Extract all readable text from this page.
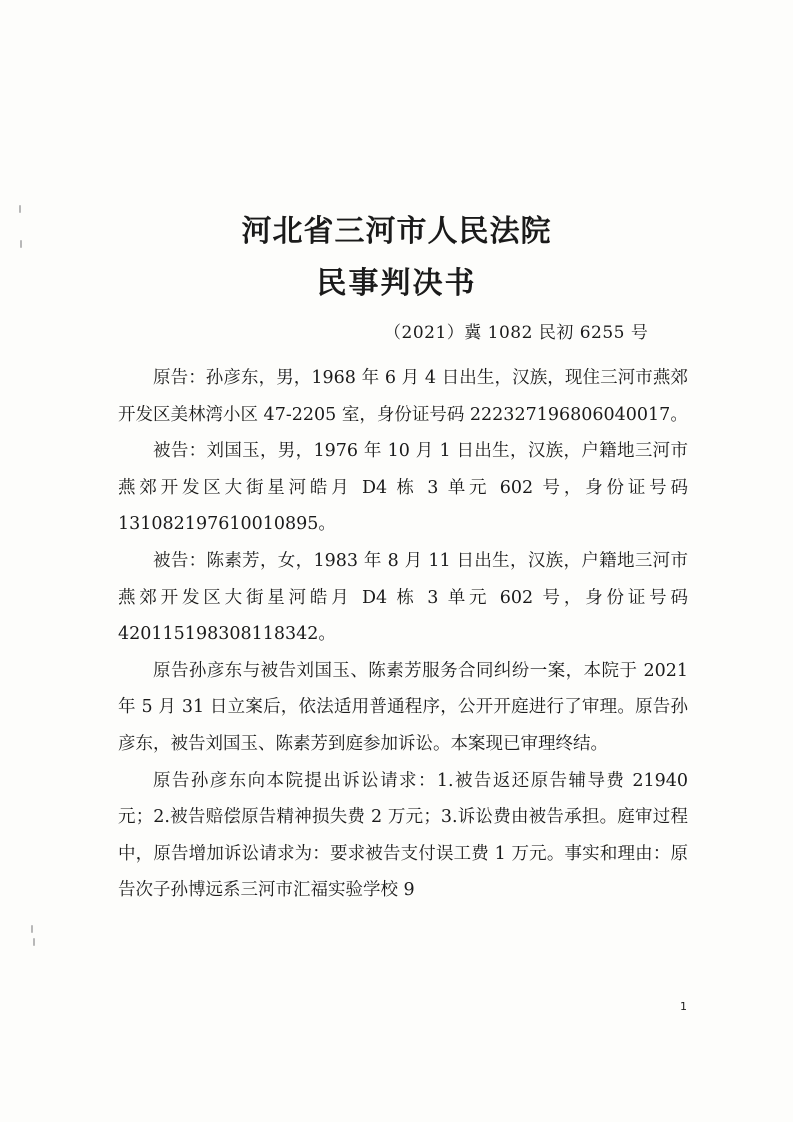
河北省三河市人民法院
民事判决书
（2021）冀 1082 民初 6255 号

原告：孙彦东，男，1968 年 6 月 4 日出生，汉族，现住三河市燕郊开发区美林湾小区 47-2205 室，身份证号码 222327196806040017。

被告：刘国玉，男，1976 年 10 月 1 日出生，汉族，户籍地三河市燕郊开发区大街星河皓月 D4 栋 3 单元 602 号，身份证号码 131082197610010895。

被告：陈素芳，女，1983 年 8 月 11 日出生，汉族，户籍地三河市燕郊开发区大街星河皓月 D4 栋 3 单元 602 号，身份证号码 420115198308118342。

原告孙彦东与被告刘国玉、陈素芳服务合同纠纷一案，本院于 2021 年 5 月 31 日立案后，依法适用普通程序，公开开庭进行了审理。原告孙彦东，被告刘国玉、陈素芳到庭参加诉讼。本案现已审理终结。

原告孙彦东向本院提出诉讼请求：1.被告返还原告辅导费 21940 元；2.被告赔偿原告精神损失费 2 万元；3.诉讼费由被告承担。庭审过程中，原告增加诉讼请求为：要求被告支付误工费 1 万元。事实和理由：原告次子孙博远系三河市汇福实验学校 9

1
